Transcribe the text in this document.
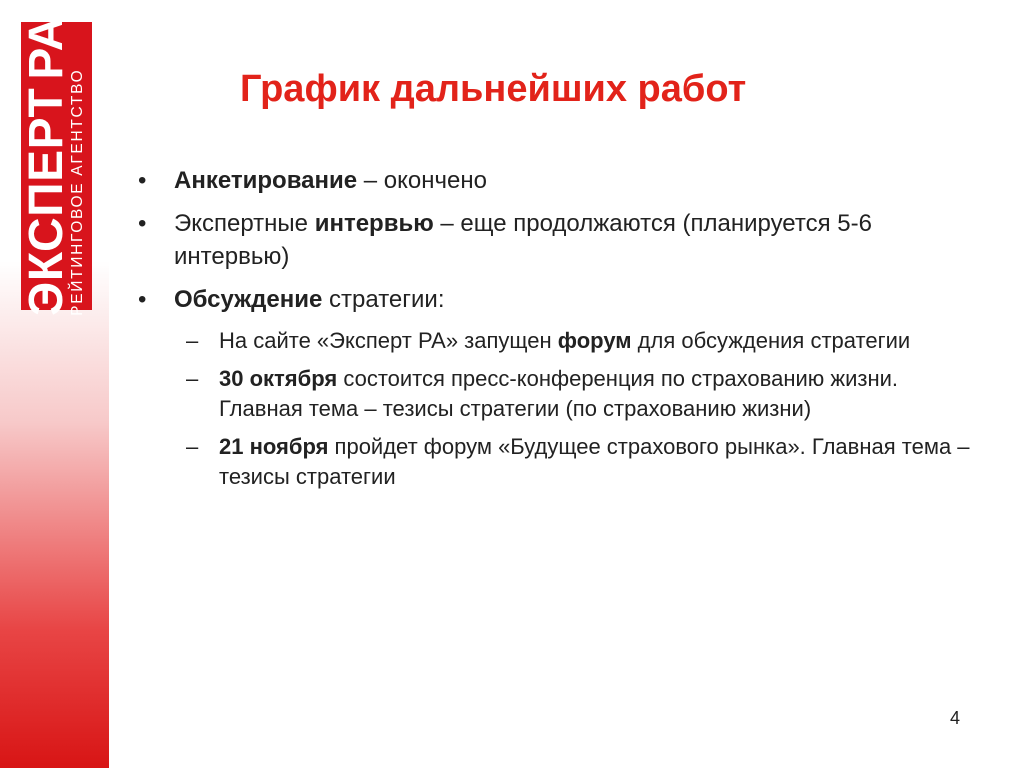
ЭКСПЕРТРА
РЕЙТИНГОВОЕ АГЕНТСТВО	График дальнейших работ
• Анкетирование – окончено
• Экспертные интервью – еще продолжаются (планируется 5-6 интервью)
• Обсуждение стратегии:
– На сайте «Эксперт РА» запущен форум для обсуждения стратегии
– 30 октября состоится пресс-конференция по страхованию жизни. Главная тема – тезисы стратегии (по страхованию жизни)
– 21 ноября пройдет форум «Будущее страхового рынка». Главная тема – тезисы стратегии
4
